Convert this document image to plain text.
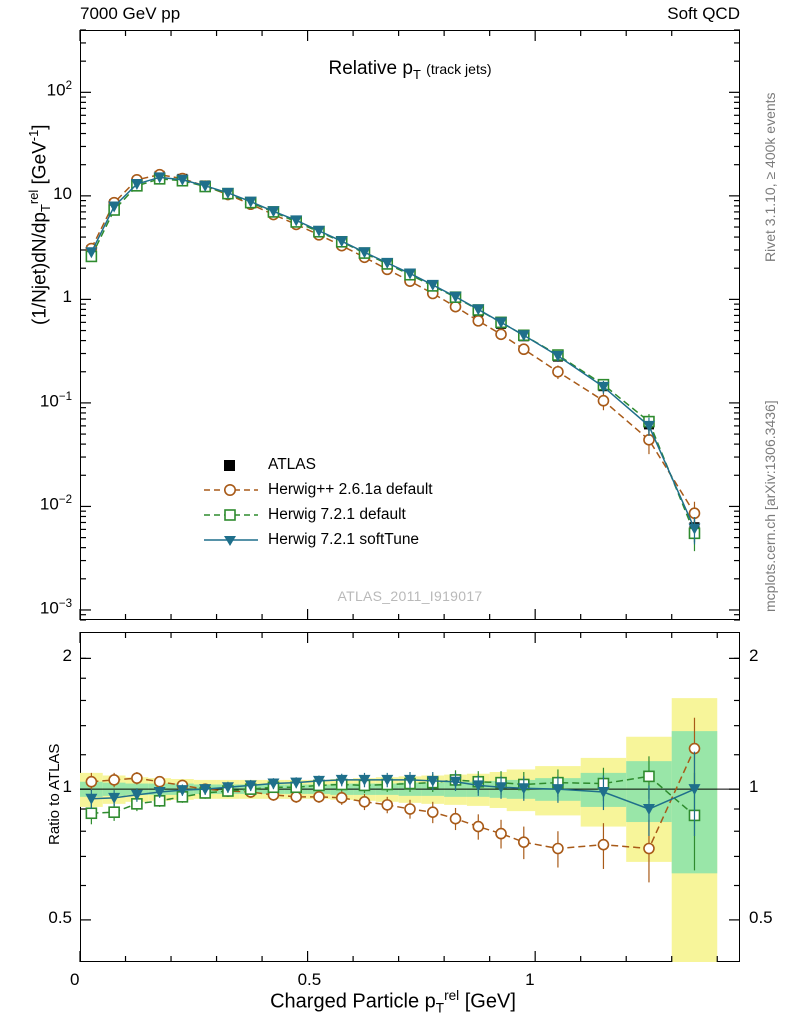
7000 GeV pp	Soft QCD
Relative $p_T$ (track jets)
$(1/Njet)dN/dp_T^{rel}$ [GeV$^{-1}$]
Ratio to ATLAS
Charged Particle $p_T^{rel}$ [GeV]
Rivet 3.1.10, ≥ 400k events
mcplots.cern.ch [arXiv:1306.3436]
ATLAS
Herwig++ 2.6.1a default
Herwig 7.2.1 default
Herwig 7.2.1 softTune
ATLAS_2011_I919017
$10^{-3}$
$10^{-2}$
$10^{-1}$
1
10
$10^2$
0.5	0.5
1	1
2	2
0	0.5	1
